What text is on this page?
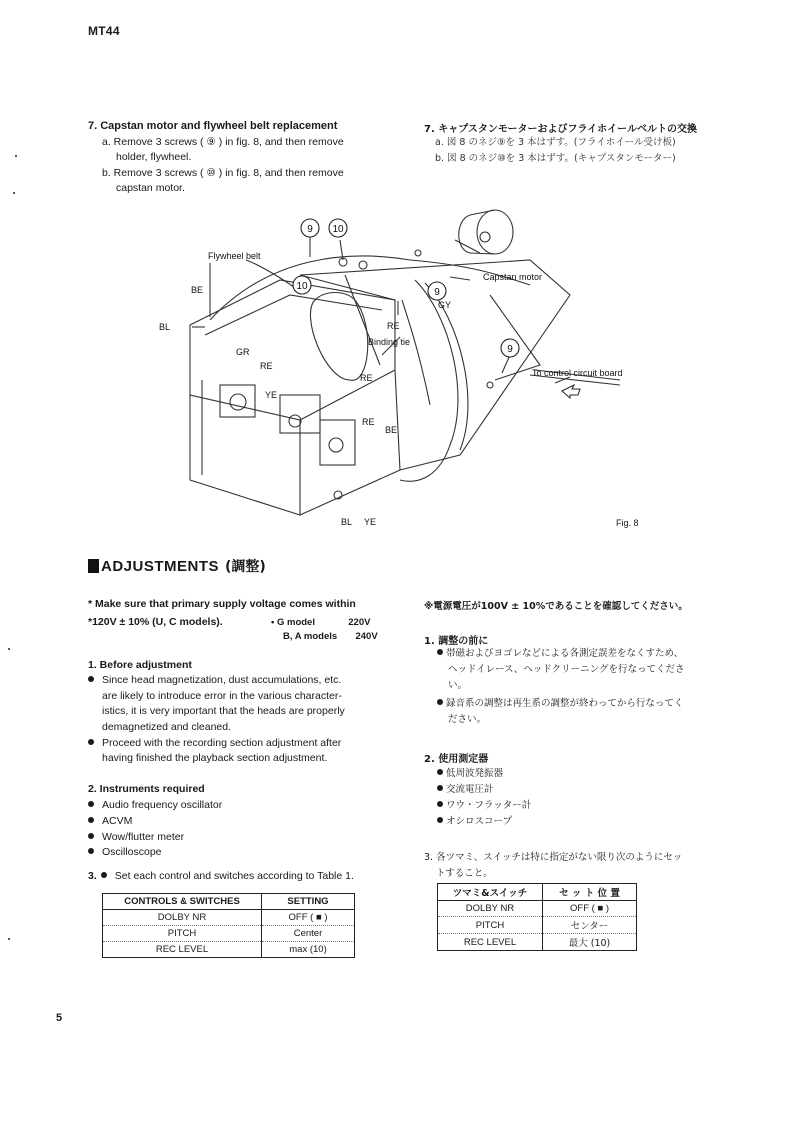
MT44
7. Capstan motor and flywheel belt replacement
a. Remove 3 screws ( ⑨ ) in fig. 8, and then remove
holder, flywheel.
b. Remove 3 screws ( ⑩ ) in fig. 8, and then remove
capstan motor.
7. キャプスタンモーターおよびフライホイールベルトの交換
a. 図 8 のネジ⑨を 3 本はずす。(フライホイール受け板)
b. 図 8 のネジ⑩を 3 本はずす。(キャプスタンモーター)
9 10
10
9
9
Flywheel belt
Capstan motor
Binding tie
To control circuit board
BE
BL
GR
RE
YE
RE
RE
RE
BE
GY
BL YE	Fig. 8
ADJUSTMENTS (調整)
* Make sure that primary supply voltage comes within
*120V ± 10% (U, C models).	• G model	220V
B, A models 240V
※電源電圧が100V ± 10%であることを確認してください。
1. Before adjustment
Since head magnetization, dust accumulations, etc.
are likely to introduce error in the various character-
istics, it is very important that the heads are properly
demagnetized and cleaned.
Proceed with the recording section adjustment after
having finished the playback section adjustment.
1. 調整の前に
帯磁およびヨゴレなどによる各測定誤差をなくすため、
ヘッドイレース、ヘッドクリーニングを行なってくださ
い。
録音系の調整は再生系の調整が終わってから行なってく
ださい。
2. Instruments required
Audio frequency oscillator
ACVM
Wow/flutter meter
Oscilloscope
2. 使用測定器
低周波発振器
交流電圧計
ワウ・フラッター計
オシロスコープ
3. Set each control and switches according to Table 1.
3. 各ツマミ、スイッチは特に指定がない限り次のようにセッ
トすること。
CONTROLS & SWITCHES	SETTING
DOLBY NR	OFF ( ■ )
PITCH	Center
REC LEVEL	max (10)
ツマミ&スイッチ	セ ッ ト 位 置
DOLBY NR	OFF ( ■ )
PITCH	センター
REC LEVEL	最大 (10)
5
